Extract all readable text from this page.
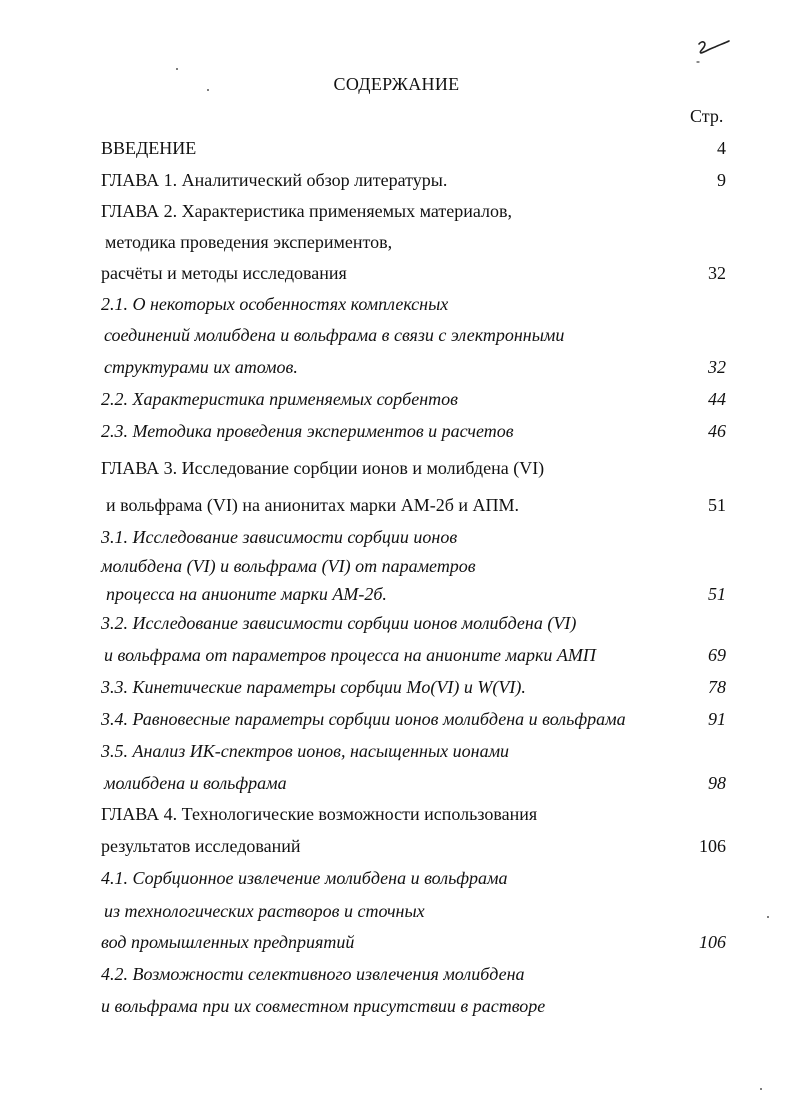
СОДЕРЖАНИЕ
Стр.
ВВЕДЕНИЕ	4
ГЛАВА 1. Аналитический обзор литературы.	9
ГЛАВА 2. Характеристика применяемых материалов,
методика проведения экспериментов,
расчёты и методы исследования	32
2.1. О некоторых особенностях комплексных
соединений молибдена и вольфрама в связи с электронными
структурами их атомов.	32
2.2. Характеристика применяемых сорбентов	44
2.3. Методика проведения экспериментов и расчетов	46
ГЛАВА 3. Исследование сорбции ионов и молибдена (VI)
и вольфрама (VI) на анионитах марки АМ-2б и АПМ.	51
3.1. Исследование зависимости сорбции ионов
молибдена (VI) и вольфрама (VI) от параметров
процесса на анионите марки АМ-2б.	51
3.2. Исследование зависимости сорбции ионов молибдена (VI)
и вольфрама от параметров процесса на анионите марки АМП	69
3.3. Кинетические параметры сорбции Mo(VI) и W(VI).	78
3.4. Равновесные параметры сорбции ионов молибдена и вольфрама	91
3.5. Анализ ИК-спектров ионов, насыщенных ионами
молибдена и вольфрама	98
ГЛАВА 4. Технологические возможности использования
результатов исследований	106
4.1. Сорбционное извлечение молибдена и вольфрама
из технологических растворов и сточных
вод промышленных предприятий	106
4.2. Возможности селективного извлечения молибдена
и вольфрама при их совместном присутствии в растворе
